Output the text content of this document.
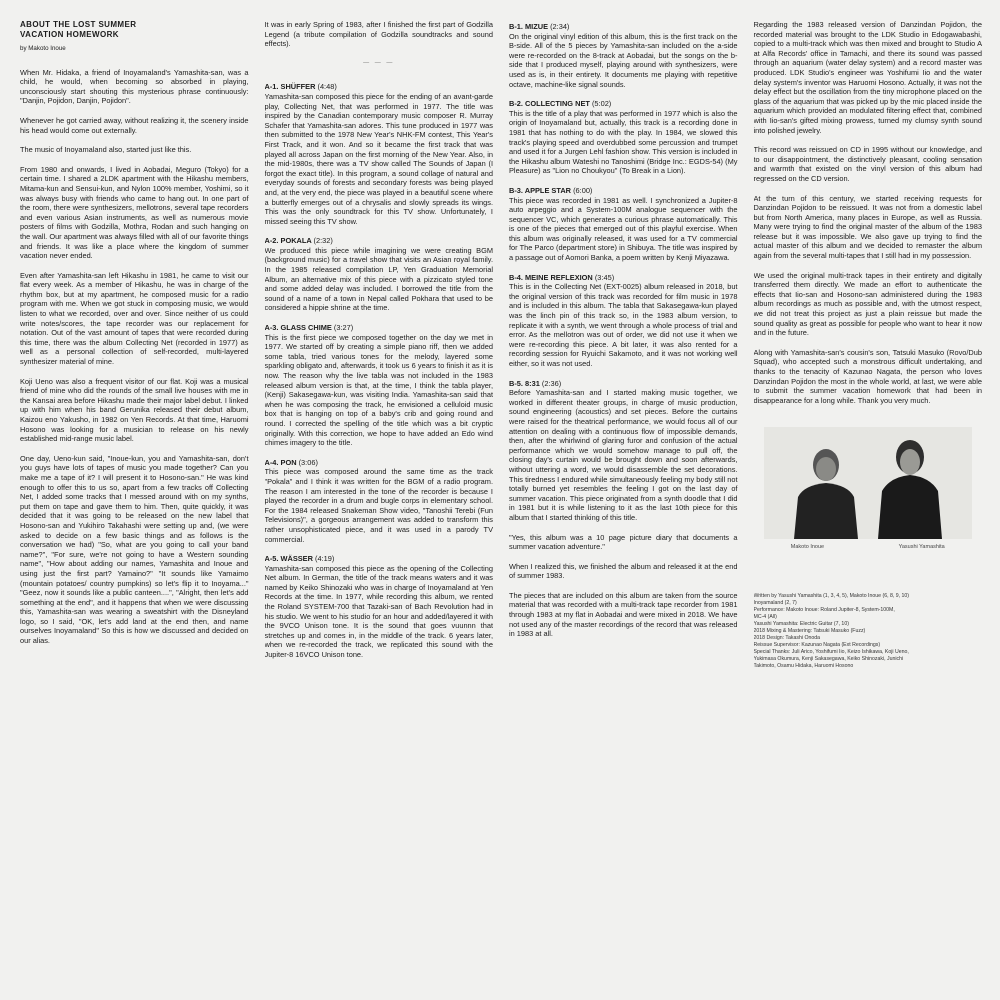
ABOUT THE LOST SUMMER
VACATION HOMEWORK
by Makoto Inoue

When Mr. Hidaka, a friend of Inoyamaland's Yamashita-san, was a child, he would, when becoming so absorbed in playing, unconsciously start shouting this mysterious phrase continuously: "Danjin, Pojidon, Danjin, Pojidon".

Whenever he got carried away, without realizing it, the scenery inside his head would come out externally.

The music of Inoyamaland also, started just like this.

From 1980 and onwards, I lived in Aobadai, Meguro (Tokyo) for a certain time. I shared a 2LDK apartment with the Hikashu members, Mitama-kun and Sensui-kun, and Nylon 100% member, Yoshimi, so it was always busy with friends who came to hang out. In one part of the room, there were synthesizers, mellotrons, several tape recorders and even various Asian instruments, as well as numerous movie posters of films with Godzilla, Mothra, Rodan and such hanging on the wall. Our apartment was always filled with all of our favorite things and friends. It was like a place where the kingdom of summer vacation never ended.

Even after Yamashita-san left Hikashu in 1981, he came to visit our flat every week. As a member of Hikashu, he was in charge of the rhythm box, but at my apartment, he composed music for a radio program with me. When we got stuck in composing music, we would listen to what we recorded, over and over. Since neither of us could write notes/scores, the tape recorder was our replacement for notation. Out of the vast amount of tapes that were recorded during this time, there was the album Collecting Net (recorded in 1977) as well as a personal collection of self-recorded, multi-layered synthesizer material of mine.

Koji Ueno was also a frequent visitor of our flat. Koji was a musical friend of mine who did the rounds of the small live houses with me in the Kansai area before Hikashu made their major label debut. I linked up with him when his band Gerunika released their debut album, Kaizou eno Yakusho, in 1982 on Yen Records. At that time, Haruomi Hosono was looking for a musician to release on his newly established mid-range music label.

One day, Ueno-kun said, "Inoue-kun, you and Yamashita-san, don't you guys have lots of tapes of music you made together? Can you make me a tape of it? I will present it to Hosono-san." He was kind enough to offer this to us so, apart from a few tracks off Collecting Net, I added some tracks that I messed around with on my synths, put them on tape and gave them to him. Then, quite quickly, it was decided that it was going to be released on the new label that Hosono-san and Yukihiro Takahashi were setting up and, (we were asked to decide on a few basic things and as follows is the conversation we had) "So, what are you going to call your band name?", "For sure, we're not going to have a Western sounding name", "How about adding our names, Yamashita and Inoue and using just the first part? Yamaino?" "It sounds like Yamaimo (mountain potatoes/ country pumpkins) so let's flip it to Inoyama..." "Geez, now it sounds like a public canteen....", "Alright, then let's add something at the end", and it happens that when we were discussing this, Yamashita-san was wearing a sweatshirt with the Disneyland logo, so I said, "OK, let's add land at the end then, and name ourselves Inoyamaland" So this is how we discussed and decided on our alias.

It was in early Spring of 1983, after I finished the first part of Godzilla Legend (a tribute compilation of Godzilla soundtracks and sound effects).

— — —
A-1. SHÜFFER (4:48)

Yamashita-san composed this piece for the ending of an avant-garde play, Collecting Net, that was performed in 1977. The title was inspired by the Canadian contemporary music composer R. Murray Schafer that Yamashita-san adores. This tune produced in 1977 was then submitted to the 1978 New Year's NHK-FM contest, This Year's First Track, and it won. And so it became the first track that was played all across Japan on the first morning of the New Year. Also, in the mid-1980s, there was a TV show called The Sounds of Japan (I forgot the exact title). In this program, a sound collage of natural and everyday sounds of forests and secondary forests was being played and, at the very end, the piece was played in a beautiful scene where a butterfly emerges out of a chrysalis and slowly spreads its wings. This was the only soundtrack for this TV show. Unfortunately, I missed seeing this TV show.

A-2. POKALA (2:32)

We produced this piece while imagining we were creating BGM (background music) for a travel show that visits an Asian royal family. In the 1985 released compilation LP, Yen Graduation Memorial Album, an alternative mix of this piece with a pizzicato styled tone and some added delay was included. I borrowed the title from the sound of a name of a town in Nepal called Pokhara that used to be considered a hippie shrine at the time.

A-3. GLASS CHIME (3:27)

This is the first piece we composed together on the day we met in 1977. We started off by creating a simple piano riff, then we added some tabla, tried various tones for the melody, layered some sparkling obligato and, afterwards, it took us 6 years to finish it as it is now. The reason why the live tabla was not included in the 1983 released album version is that, at the time, I think the tabla player, (Kenji) Sakasegawa-kun, was visiting India. Yamashita-san said that when he was composing the track, he envisioned a celluloid music box that is hanging on top of a baby's crib and going round and round. I corrected the spelling of the title which was a bit cryptic originally. With this correction, we hope to have added an Edo wind chimes imagery to the title.

A-4. PON (3:06)

This piece was composed around the same time as the track "Pokala" and I think it was written for the BGM of a radio program. The reason I am interested in the tone of the recorder is because I played the recorder in a drum and bugle corps in elementary school. For the 1984 released Snakeman Show video, "Tanoshii Terebi (Fun Televisions)", a gorgeous arrangement was added to transform this rather unsophisticated piece, and it was used in a parody TV commercial.

A-5. WÄSSER (4:19)

Yamashita-san composed this piece as the opening of the Collecting Net album. In German, the title of the track means waters and it was named by Keiko Shinozaki who was in charge of Inoyamaland at Yen Records at the time. In 1977, while recording this album, we rented the Roland SYSTEM-700 that Tazaki-san of Bach Revolution had in his studio. We went to his studio for an hour and added/layered it with the 9VCO Unison tone. It is the sound that goes vuunnn that stretches up and comes in, in the middle of the track. 6 years later, when we re-recorded the track, we replicated this sound with the Jupiter-8 16VCO Unison tone.

B-1. MIZUE (2:34)

On the original vinyl edition of this album, this is the first track on the B-side. All of the 5 pieces by Yamashita-san included on the a-side were re-recorded on the 8-track at Aobadai, but the songs on the b-side that I produced myself, playing around with synthesizers, were used as is, in their entirety. It documents me playing with repetitive octave, machine-like signal sounds.

B-2. COLLECTING NET (5:02)

This is the title of a play that was performed in 1977 which is also the origin of Inoyamaland but, actually, this track is a recording done in 1981 that has nothing to do with the play. In 1984, we slowed this track's playing speed and overdubbed some percussion and trumpet and used it for a Jurgen Lehl fashion show. This version is included in the Hikashu album Wateshi no Tanoshimi (Bridge Inc.: EGDS-54) (My Pleasure) as "Lion no Choukyou" (To Break in a Lion).

B-3. APPLE STAR (6:00)

This piece was recorded in 1981 as well. I synchronized a Jupiter-8 auto arpeggio and a System-100M analogue sequencer with the sequencer VC, which generates a curious phrase automatically. This is one of the pieces that emerged out of this playful exercise. When this album was originally released, it was used for a TV commercial for The Parco (department store) in Shibuya. The title was inspired by a passage out of Aomori Banka, a poem written by Kenji Miyazawa.

B-4. MEINE REFLEXION (3:45)

This is in the Collecting Net (EXT-0025) album released in 2018, but the original version of this track was recorded for film music in 1978 and is included in this album. The tabla that Sakasegawa-kun played was the linch pin of this track so, in the 1983 album version, to replicate it with a synth, we went through a whole process of trial and error. As the mellotron was out of order, we did not use it when we were re-recording this piece. A bit later, it was also rented for a recording session for Ryuichi Sakamoto, and it was not working well either, so it was not used.

B-5. 8:31 (2:36)

Before Yamashita-san and I started making music together, we worked in different theater groups, in charge of music production, sound engineering (acoustics) and set pieces. Before the curtains were raised for the theatrical performance, we would focus all of our attention on dealing with a continuous flow of impossible demands, then, after the whirlwind of glaring furor and confusion of the actual performance which we would somehow manage to pull off, the closing day's curtain would be brought down and soon afterwards, without uttering a word, we would disassemble the set decorations. This tiredness I endured while simultaneously feeling my body still not totally burned yet resembles the feeling I got on the last day of summer vacation. This piece originated from a synth doodle that I did in 1981 but it is while listening to it as the last 10th piece for this album that I started thinking of this title.

"Yes, this album was a 10 page picture diary that documents a summer vacation adventure."

When I realized this, we finished the album and released it at the end of summer 1983.

The pieces that are included on this album are taken from the source material that was recorded with a multi-track tape recorder from 1981 through 1983 at my flat in Aobadai and were mixed in 2018. We have not used any of the master recordings of the record that was released in 1983 at all.

Regarding the 1983 released version of Danzindan Pojidon, the recorded material was brought to the LDK Studio in Edogawabashi, copied to a multi-track which was then mixed and brought to Studio A at Alfa Records' office in Tamachi, and there its sound was passed through an aquarium (water delay system) and a record master was produced. LDK Studio's engineer was Yoshifumi Iio and the water delay system's inventor was Haruomi Hosono. Actually, it was not the delay effect but the oscillation from the tiny microphone placed on the glass of the aquarium that was picked up by the mic placed inside the aquarium which provided an modulated filtering effect that, combined with Iio-san's gifted mixing prowess, turned my clumsy synth sound into polished jewelry.

This record was reissued on CD in 1995 without our knowledge, and to our disappointment, the distinctively pleasant, cooling sensation and warmth that existed on the vinyl version of this album had regressed on the CD version.

At the turn of this century, we started receiving requests for Danzindan Pojidon to be reissued. It was not from a domestic label but from North America, many places in Europe, as well as Russia. Many were trying to find the original master of the album of the 1983 release but it was impossible. We also gave up trying to find the actual master of this album and we decided to remaster the album again from the several multi-tapes that I still had in my possession.

We used the original multi-track tapes in their entirety and digitally transferred them directly. We made an effort to authenticate the effects that Iio-san and Hosono-san administered during the 1983 album recordings as much as possible and, with the utmost respect, we did not treat this project as just a plain reissue but made the sound quality as great as possible for people who want to hear it now and in the future.

Along with Yamashita-san's cousin's son, Tatsuki Masuko (Rovo/Dub Squad), who accepted such a monstrous difficult undertaking, and thanks to the tenacity of Kazunao Nagata, the person who loves Danzindan Pojidon the most in the whole world, at last, we were able to submit the summer vacation homework that had been in disappearance for a long while. Thank you very much.

Makoto Inoue	Yasushi Yamashita
Written by Yasushi Yamashita (1, 3, 4, 5), Makoto Inoue (6, 8, 9, 10)
Inoyamaland (2, 7)
Performance: Makoto Inoue: Roland Jupiter-8, System-100M,
MC-4 (All)
Yasushi Yamashita: Electric Guitar (7, 10)
2018 Mixing & Mastering: Tatsuki Masuko (Fuzz)
2018 Design: Takashi Onoda
Reissue Supervisor: Kazunao Nagata (Ext Recordings)
Special Thanks: Juli Arico, Yoshifumi Iio, Keizo Ishikawa, Koji Ueno,
Yukimasa Okumura, Kenji Sakasegawa, Keiko Shinozaki, Junichi
Takimoto, Osamu Hidaka, Haruomi Hosono
